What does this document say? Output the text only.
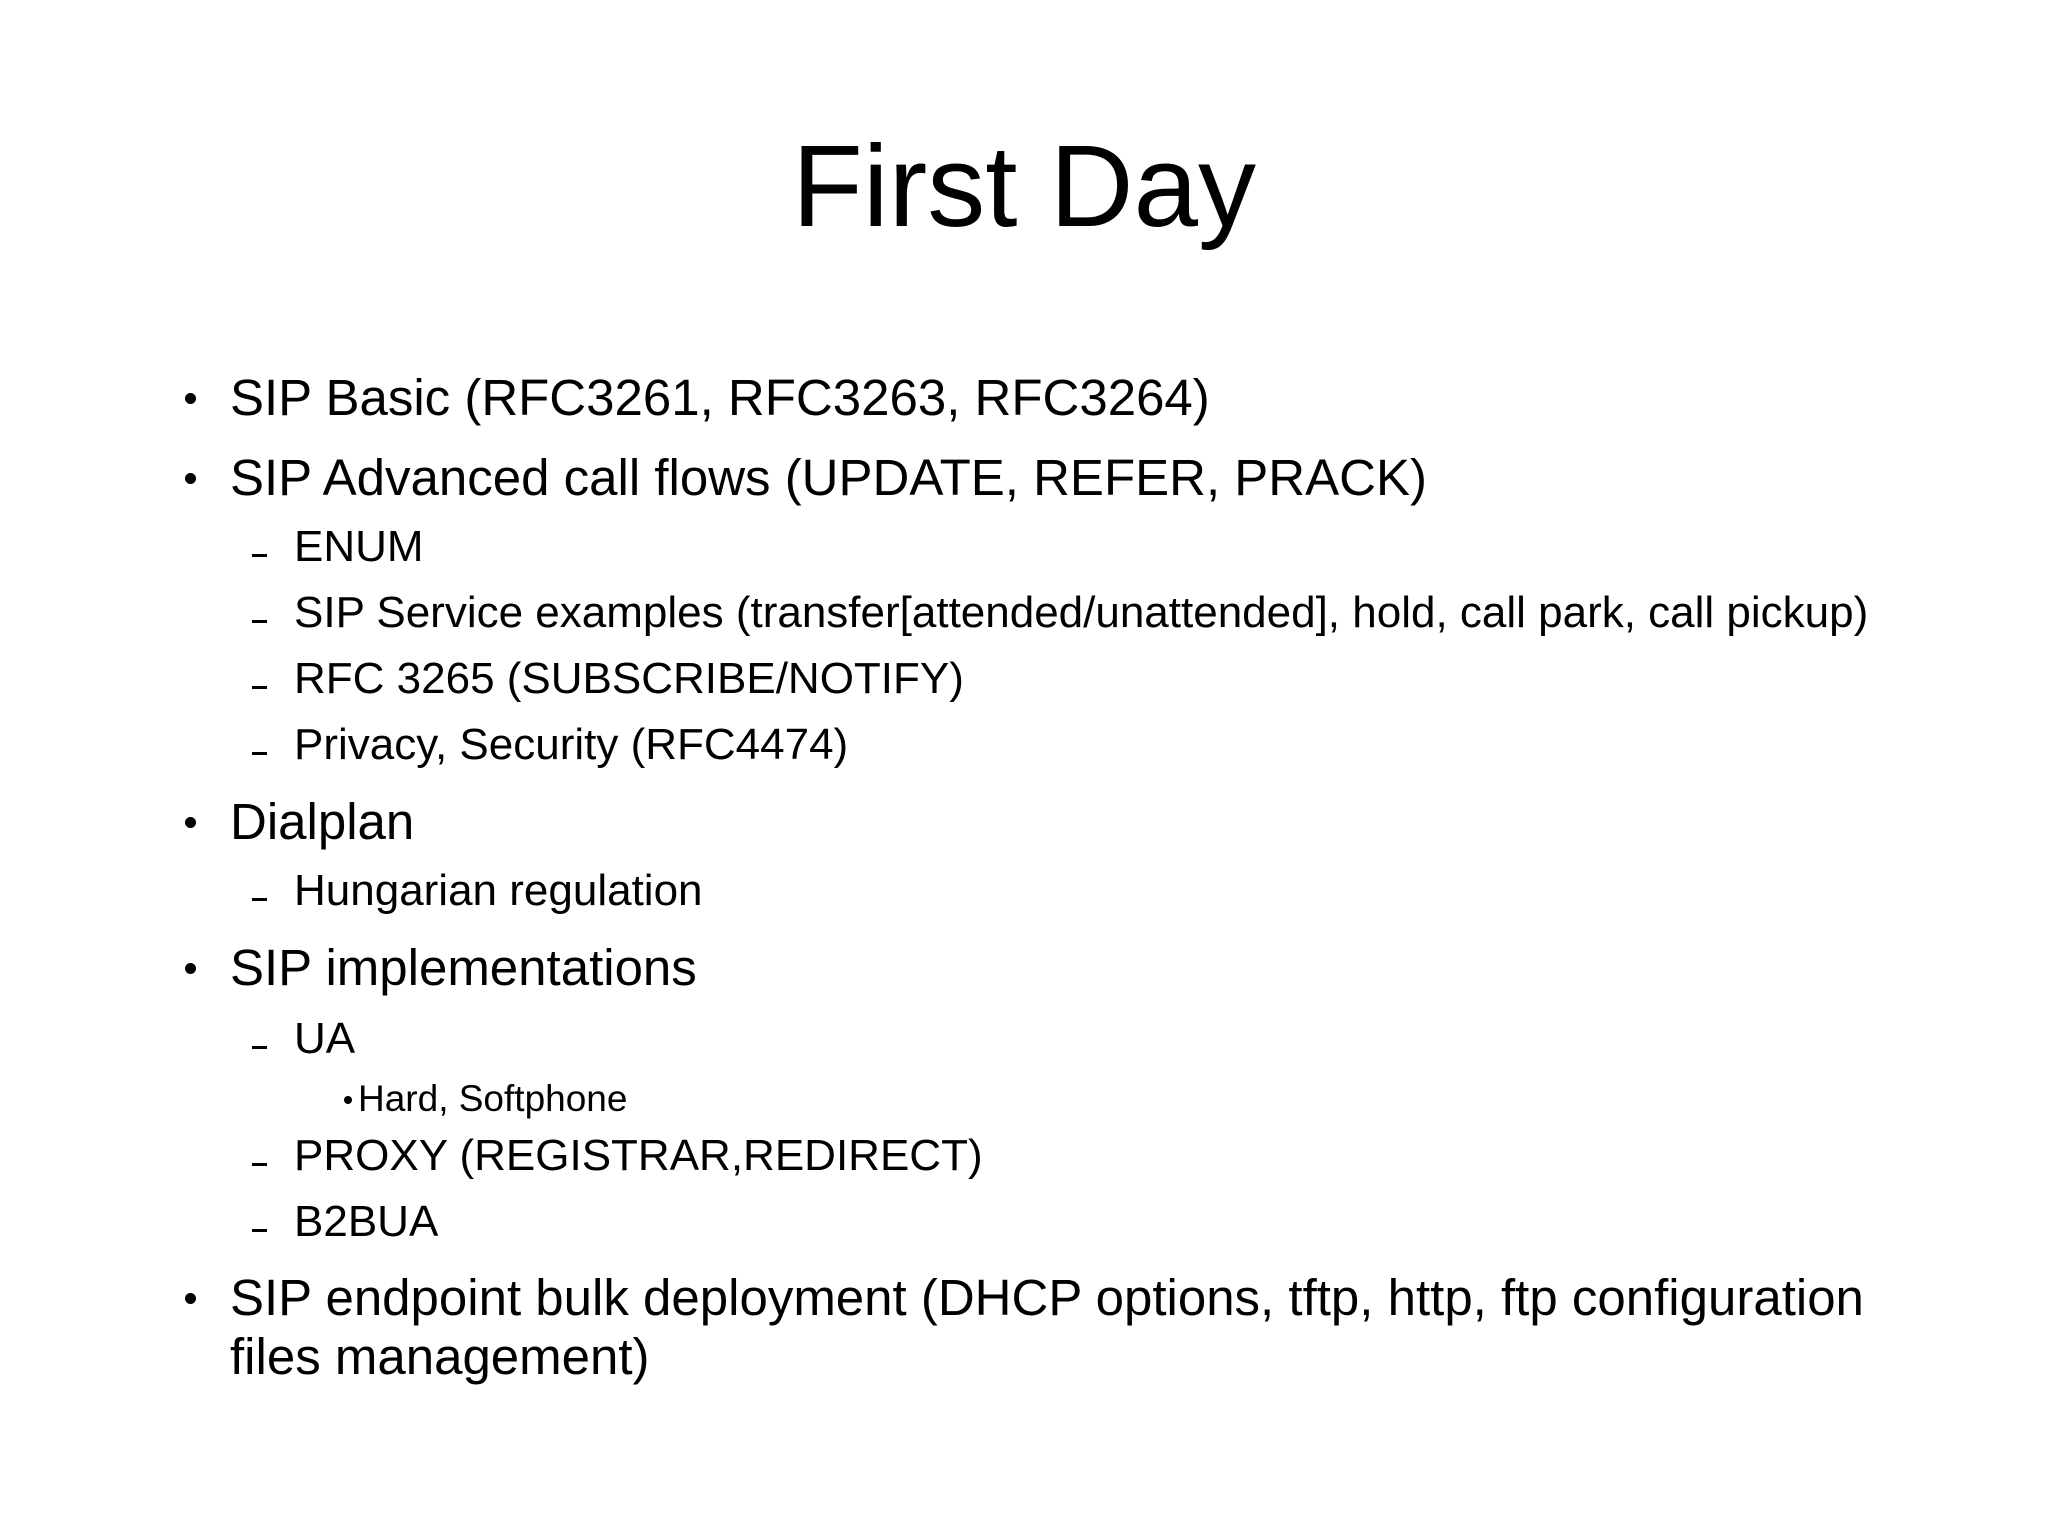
First Day
SIP Basic (RFC3261, RFC3263, RFC3264)
SIP Advanced call flows (UPDATE, REFER, PRACK)
ENUM
SIP Service examples (transfer[attended/unattended], hold, call park, call pickup)
RFC 3265 (SUBSCRIBE/NOTIFY)
Privacy, Security (RFC4474)
Dialplan
Hungarian regulation
SIP implementations
UA
Hard, Softphone
PROXY (REGISTRAR,REDIRECT)
B2BUA
SIP endpoint bulk deployment (DHCP options, tftp, http, ftp configuration
files management)
